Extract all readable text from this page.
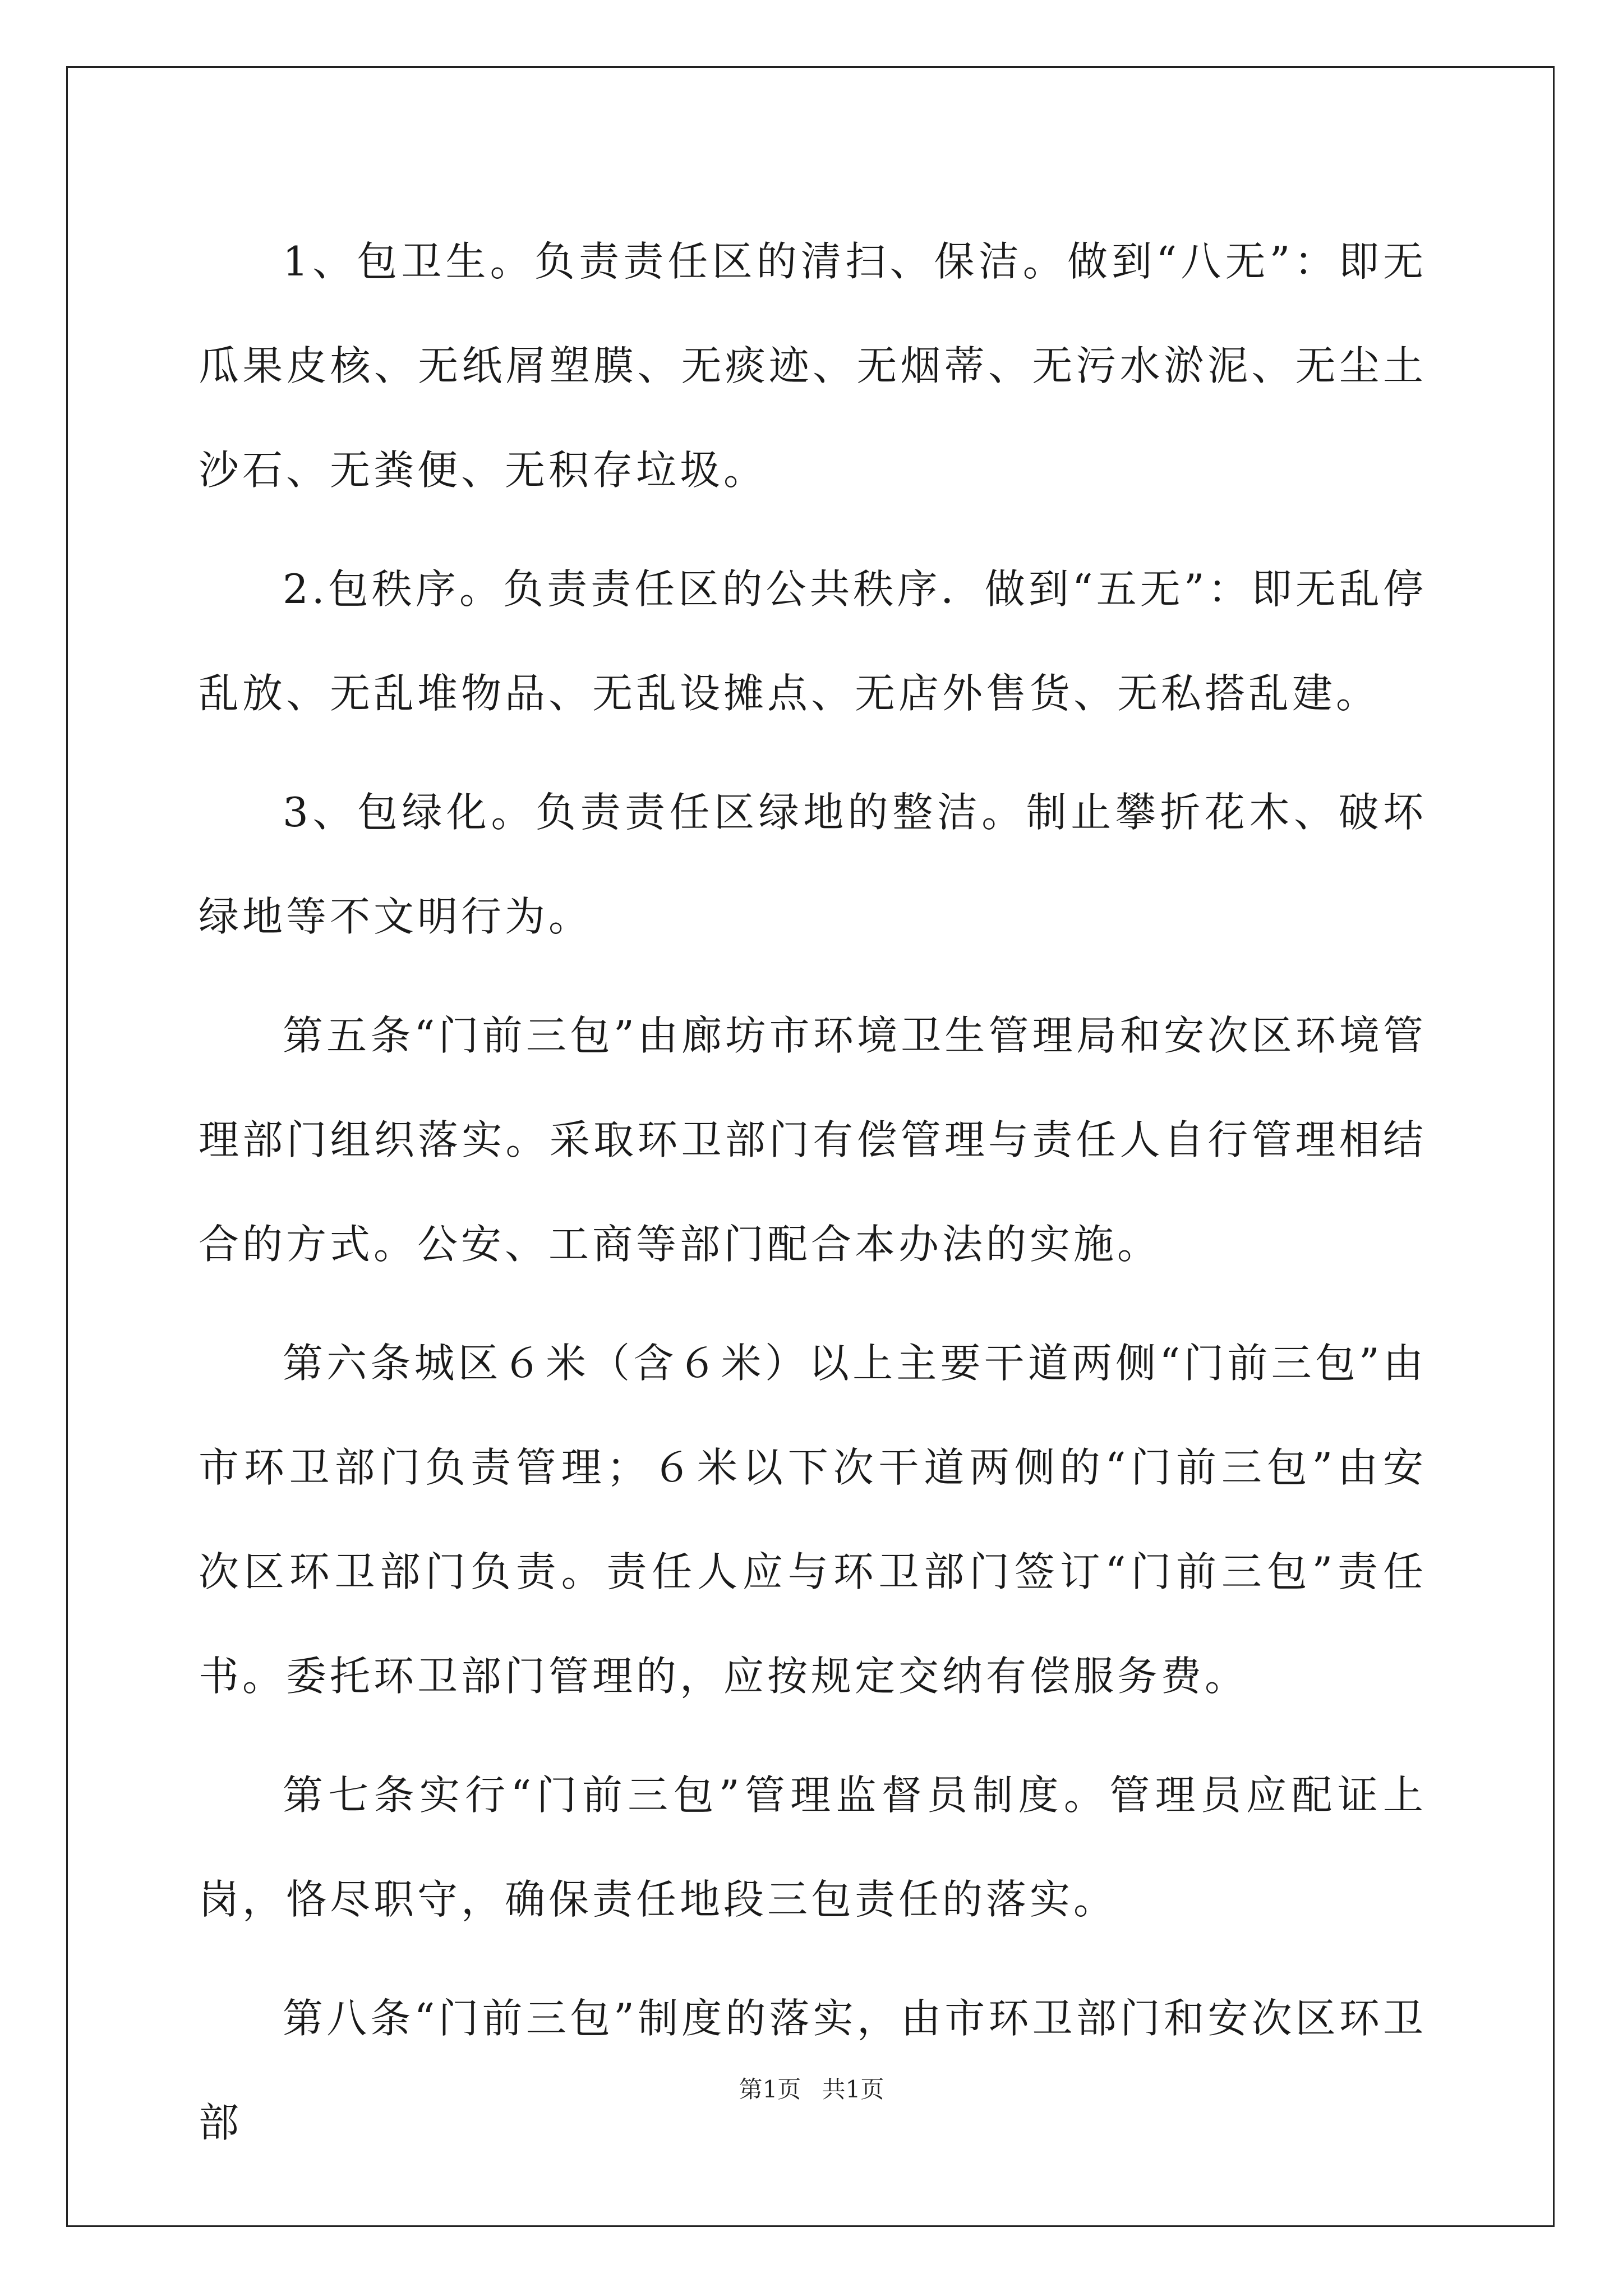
1、包卫生。负责责任区的清扫、保洁。做到“八无”：即无瓜果皮核、无纸屑塑膜、无痰迹、无烟蒂、无污水淤泥、无尘土沙石、无粪便、无积存垃圾。

2.包秩序。负责责任区的公共秩序．做到“五无”：即无乱停乱放、无乱堆物品、无乱设摊点、无店外售货、无私搭乱建。

3、包绿化。负责责任区绿地的整洁。制止攀折花木、破坏绿地等不文明行为。

第五条“门前三包”由廊坊市环境卫生管理局和安次区环境管理部门组织落实。采取环卫部门有偿管理与责任人自行管理相结合的方式。公安、工商等部门配合本办法的实施。

第六条城区６米（含６米）以上主要干道两侧“门前三包”由市环卫部门负责管理；６米以下次干道两侧的“门前三包”由安次区环卫部门负责。责任人应与环卫部门签订“门前三包”责任书。委托环卫部门管理的，应按规定交纳有偿服务费。

第七条实行“门前三包”管理监督员制度。管理员应配证上岗，恪尽职守，确保责任地段三包责任的落实。

第八条“门前三包”制度的落实，由市环卫部门和安次区环卫部

第1页 共1页
